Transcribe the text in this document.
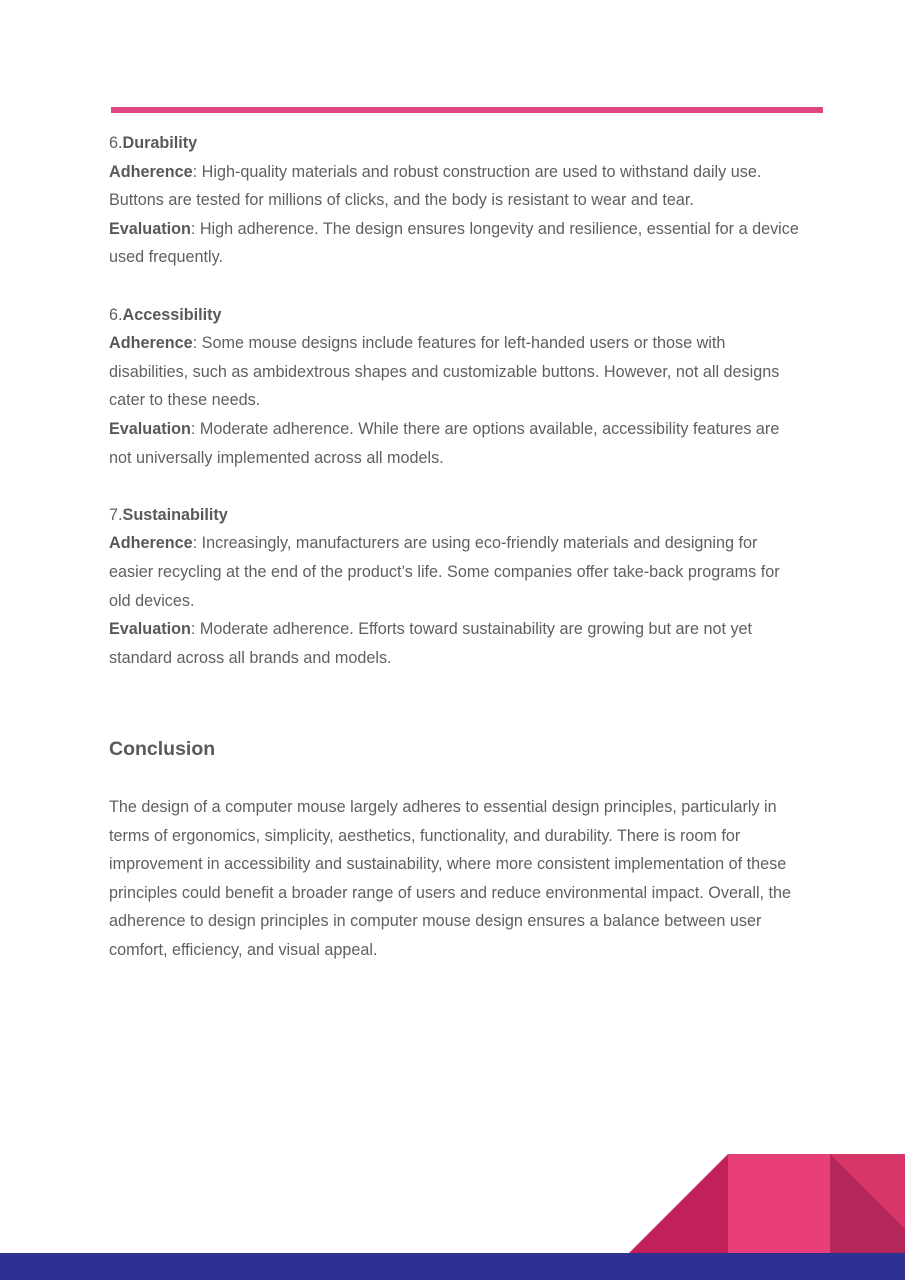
6.Durability

Adherence: High-quality materials and robust construction are used to withstand daily use. Buttons are tested for millions of clicks, and the body is resistant to wear and tear.

Evaluation: High adherence. The design ensures longevity and resilience, essential for a device used frequently.

6.Accessibility

Adherence: Some mouse designs include features for left-handed users or those with disabilities, such as ambidextrous shapes and customizable buttons. However, not all designs cater to these needs.

Evaluation: Moderate adherence. While there are options available, accessibility features are not universally implemented across all models.

7.Sustainability

Adherence: Increasingly, manufacturers are using eco-friendly materials and designing for easier recycling at the end of the product’s life. Some companies offer take-back programs for old devices.

Evaluation: Moderate adherence. Efforts toward sustainability are growing but are not yet standard across all brands and models.

Conclusion

The design of a computer mouse largely adheres to essential design principles, particularly in terms of ergonomics, simplicity, aesthetics, functionality, and durability. There is room for improvement in accessibility and sustainability, where more consistent implementation of these principles could benefit a broader range of users and reduce environmental impact. Overall, the adherence to design principles in computer mouse design ensures a balance between user comfort, efficiency, and visual appeal.
